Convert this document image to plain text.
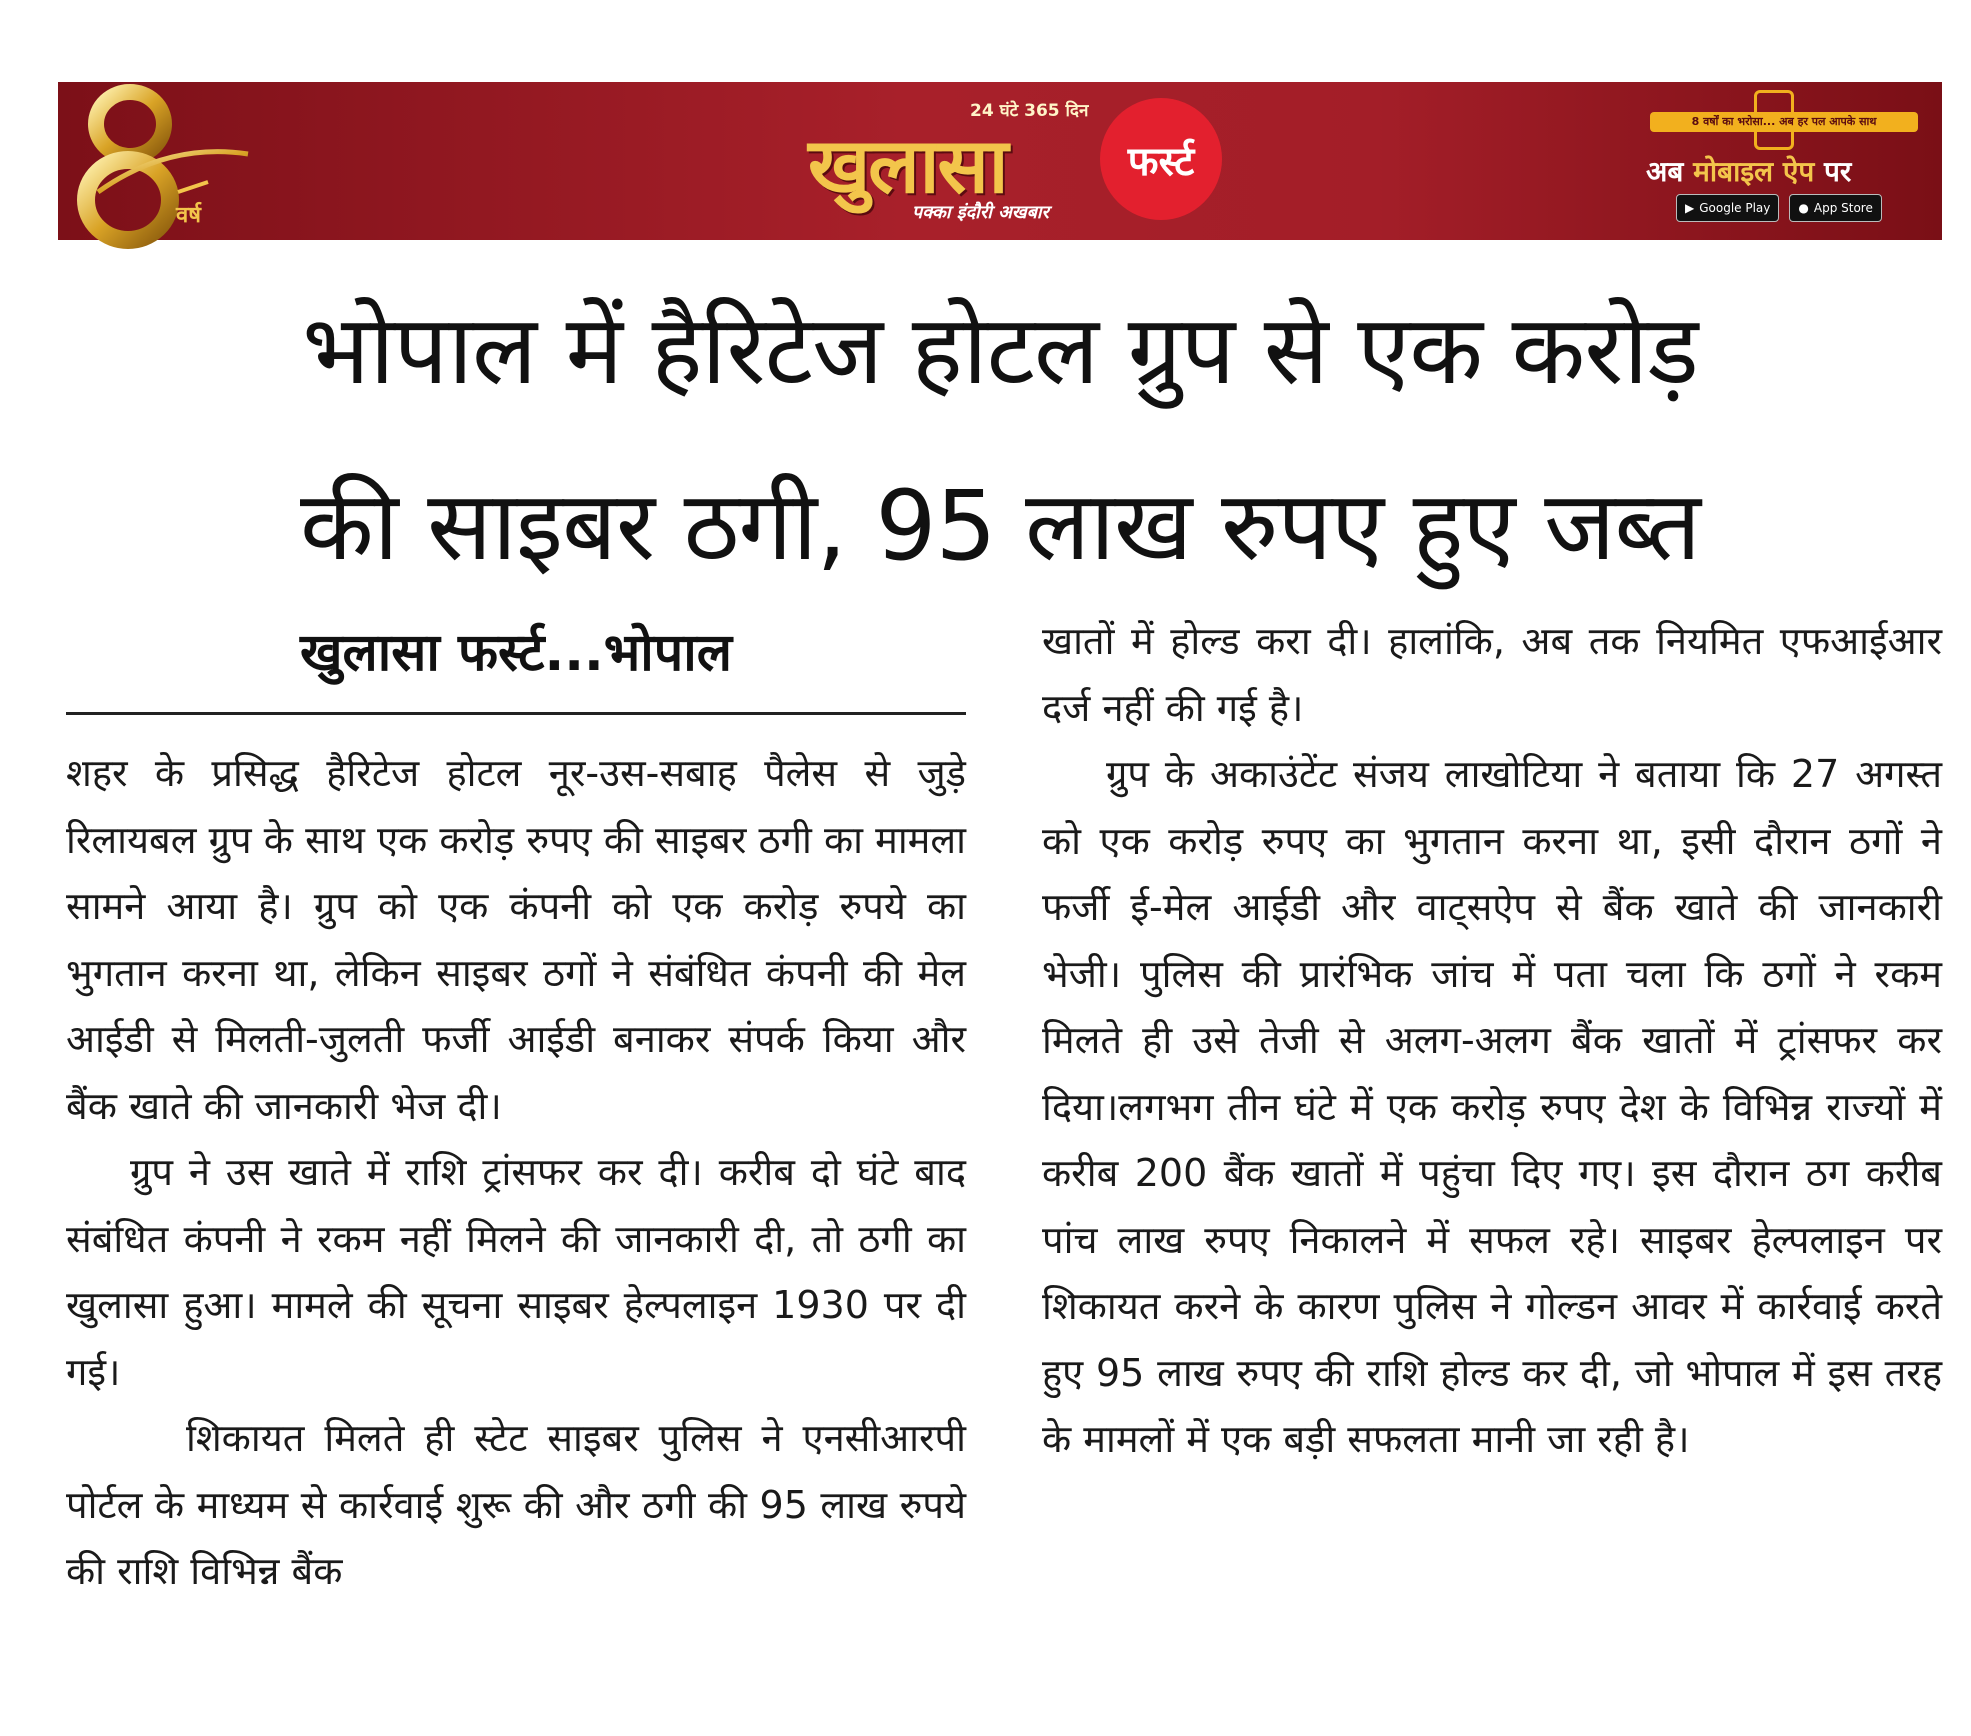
वर्ष
24 घंटे 365 दिन
खुलासा	फर्स्ट
पक्का इंदौरी अखबार
8 वर्षों का भरोसा... अब हर पल आपके साथ
अब मोबाइल ऐप पर
▶ Google Play ● App Store
भोपाल में हैरिटेज होटल ग्रुप से एक करोड़
की साइबर ठगी, 95 लाख रुपए हुए जब्त
खुलासा फर्स्ट...भोपाल

शहर के प्रसिद्ध हैरिटेज होटल नूर-उस-सबाह पैलेस से जुड़े रिलायबल ग्रुप के साथ एक करोड़ रुपए की साइबर ठगी का मामला सामने आया है। ग्रुप को एक कंपनी को एक करोड़ रुपये का भुगतान करना था, लेकिन साइबर ठगों ने संबंधित कंपनी की मेल आईडी से मिलती-जुलती फर्जी आईडी बनाकर संपर्क किया और बैंक खाते की जानकारी भेज दी।

ग्रुप ने उस खाते में राशि ट्रांसफर कर दी। करीब दो घंटे बाद संबंधित कंपनी ने रकम नहीं मिलने की जानकारी दी, तो ठगी का खुलासा हुआ। मामले की सूचना साइबर हेल्पलाइन 1930 पर दी गई।

शिकायत मिलते ही स्टेट साइबर पुलिस ने एनसीआरपी पोर्टल के माध्यम से कार्रवाई शुरू की और ठगी की 95 लाख रुपये की राशि विभिन्न बैंक

खातों में होल्ड करा दी। हालांकि, अब तक नियमित एफआईआर दर्ज नहीं की गई है।

ग्रुप के अकाउंटेंट संजय लाखोटिया ने बताया कि 27 अगस्त को एक करोड़ रुपए का भुगतान करना था, इसी दौरान ठगों ने फर्जी ई-मेल आईडी और वाट्सऐप से बैंक खाते की जानकारी भेजी। पुलिस की प्रारंभिक जांच में पता चला कि ठगों ने रकम मिलते ही उसे तेजी से अलग-अलग बैंक खातों में ट्रांसफर कर दिया।लगभग तीन घंटे में एक करोड़ रुपए देश के विभिन्न राज्यों में करीब 200 बैंक खातों में पहुंचा दिए गए। इस दौरान ठग करीब पांच लाख रुपए निकालने में सफल रहे। साइबर हेल्पलाइन पर शिकायत करने के कारण पुलिस ने गोल्डन आवर में कार्रवाई करते हुए 95 लाख रुपए की राशि होल्ड कर दी, जो भोपाल में इस तरह के मामलों में एक बड़ी सफलता मानी जा रही है।
